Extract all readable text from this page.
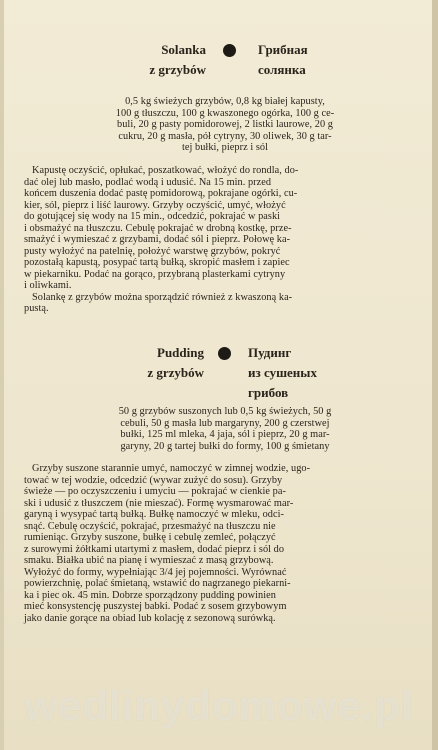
Solanka
z grzybów
Грибная
солянка
0,5 kg świeżych grzybów, 0,8 kg białej kapusty,
100 g tłuszczu, 100 g kwaszonego ogórka, 100 g ce-
buli, 20 g pasty pomidorowej, 2 listki laurowe, 20 g
cukru, 20 g masła, pół cytryny, 30 oliwek, 30 g tar-
tej bułki, pieprz i sól
Kapustę oczyścić, opłukać, poszatkować, włożyć do rondla, do-
dać olej lub masło, podlać wodą i udusić. Na 15 min. przed
końcem duszenia dodać pastę pomidorową, pokrajane ogórki, cu-
kier, sól, pieprz i liść laurowy. Grzyby oczyścić, umyć, włożyć
do gotującej się wody na 15 min., odcedzić, pokrajać w paski
i obsmażyć na tłuszczu. Cebulę pokrajać w drobną kostkę, prze-
smażyć i wymieszać z grzybami, dodać sól i pieprz. Połowę ka-
pusty wyłożyć na patelnię, położyć warstwę grzybów, pokryć
pozostałą kapustą, posypać tartą bułką, skropić masłem i zapiec
w piekarniku. Podać na gorąco, przybraną plasterkami cytryny
i oliwkami.
Solankę z grzybów można sporządzić również z kwaszoną ka-
pustą.
Pudding
z grzybów
Пудинг
из сушеных
грибов
50 g grzybów suszonych lub 0,5 kg świeżych, 50 g
cebuli, 50 g masła lub margaryny, 200 g czerstwej
bułki, 125 ml mleka, 4 jaja, sól i pieprz, 20 g mar-
garyny, 20 g tartej bułki do formy, 100 g śmietany
Grzyby suszone starannie umyć, namoczyć w zimnej wodzie, ugo-
tować w tej wodzie, odcedzić (wywar zużyć do sosu). Grzyby
świeże — po oczyszczeniu i umyciu — pokrajać w cienkie pa-
ski i udusić z tłuszczem (nie mieszać). Formę wysmarować mar-
garyną i wysypać tartą bułką. Bułkę namoczyć w mleku, odci-
snąć. Cebulę oczyścić, pokrajać, przesmażyć na tłuszczu nie
rumieniąc. Grzyby suszone, bułkę i cebulę zemleć, połączyć
z surowymi żółtkami utartymi z masłem, dodać pieprz i sól do
smaku. Białka ubić na pianę i wymieszać z masą grzybową.
Wyłożyć do formy, wypełniając 3/4 jej pojemności. Wyrównać
powierzchnię, polać śmietaną, wstawić do nagrzanego piekarni-
ka i piec ok. 45 min. Dobrze sporządzony pudding powinien
mieć konsystencję puszystej babki. Podać z sosem grzybowym
jako danie gorące na obiad lub kolację z sezonową surówką.
wedlinydomowe.pl
